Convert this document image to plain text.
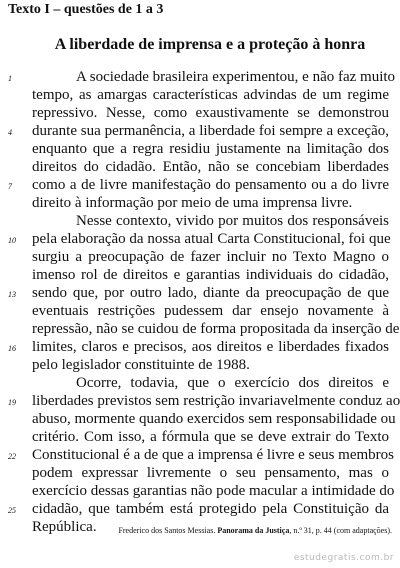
Texto I – questões de 1 a 3
A liberdade de imprensa e a proteção à honra
A sociedade brasileira experimentou, e não faz muito
1
tempo, as amargas características advindas de um regime
repressivo. Nesse, como exaustivamente se demonstrou
durante sua permanência, a liberdade foi sempre a exceção,
4
enquanto que a regra residiu justamente na limitação dos
direitos do cidadão. Então, não se concebiam liberdades
como a de livre manifestação do pensamento ou a do livre
7
direito à informação por meio de uma imprensa livre.
Nesse contexto, vivido por muitos dos responsáveis
pela elaboração da nossa atual Carta Constitucional, foi que
10
surgiu a preocupação de fazer incluir no Texto Magno o
imenso rol de direitos e garantias individuais do cidadão,
sendo que, por outro lado, diante da preocupação de que
13
eventuais restrições pudessem dar ensejo novamente à
repressão, não se cuidou de forma propositada da inserção de
limites, claros e precisos, aos direitos e liberdades fixados
16
pelo legislador constituinte de 1988.
Ocorre, todavia, que o exercício dos direitos e
liberdades previstos sem restrição invariavelmente conduz ao
19
abuso, mormente quando exercidos sem responsabilidade ou
critério. Com isso, a fórmula que se deve extrair do Texto
Constitucional é a de que a imprensa é livre e seus membros
22
podem expressar livremente o seu pensamento, mas o
exercício dessas garantias não pode macular a intimidade do
cidadão, que também está protegido pela Constituição da
25
República.	Frederico dos Santos Messias. Panorama da Justiça, n.º 31, p. 44 (com adaptações).
estudegratis.com.br
